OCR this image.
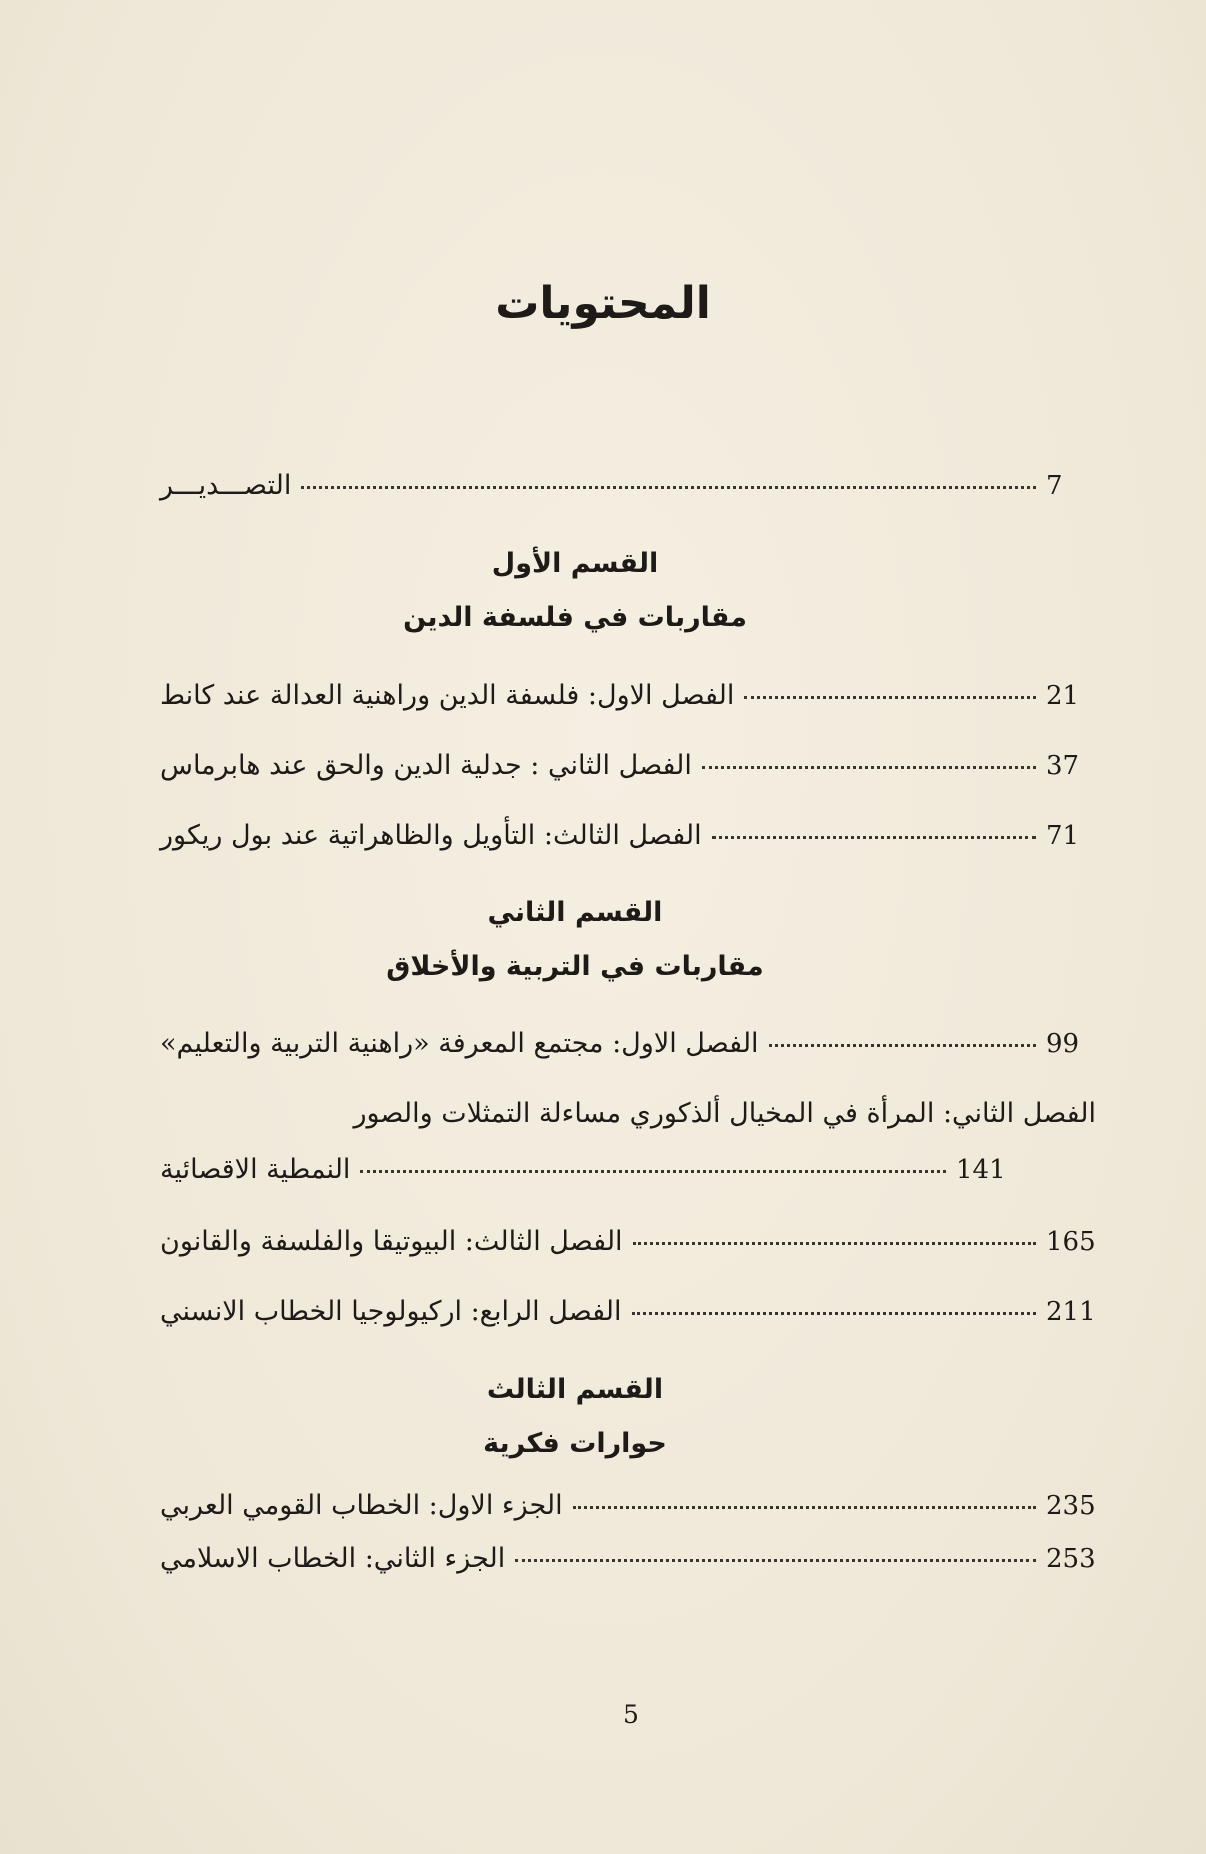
المحتويات
التصـــديـــر	7
القسم الأول
مقاربات في فلسفة الدين
الفصل الاول: فلسفة الدين وراهنية العدالة عند كانط	21
الفصل الثاني : جدلية الدين والحق عند هابرماس	37
الفصل الثالث: التأويل والظاهراتية عند بول ريكور	71
القسم الثاني
مقاربات في التربية والأخلاق
الفصل الاول: مجتمع المعرفة «راهنية التربية والتعليم»	99
الفصل الثاني: المرأة في المخيال ألذكوري مساءلة التمثلات والصور
النمطية الاقصائية	141
الفصل الثالث: البيوتيقا والفلسفة والقانون	165
الفصل الرابع: اركيولوجيا الخطاب الانسني	211
القسم الثالث
حوارات فكرية
الجزء الاول: الخطاب القومي العربي	235
الجزء الثاني: الخطاب الاسلامي	253
5
